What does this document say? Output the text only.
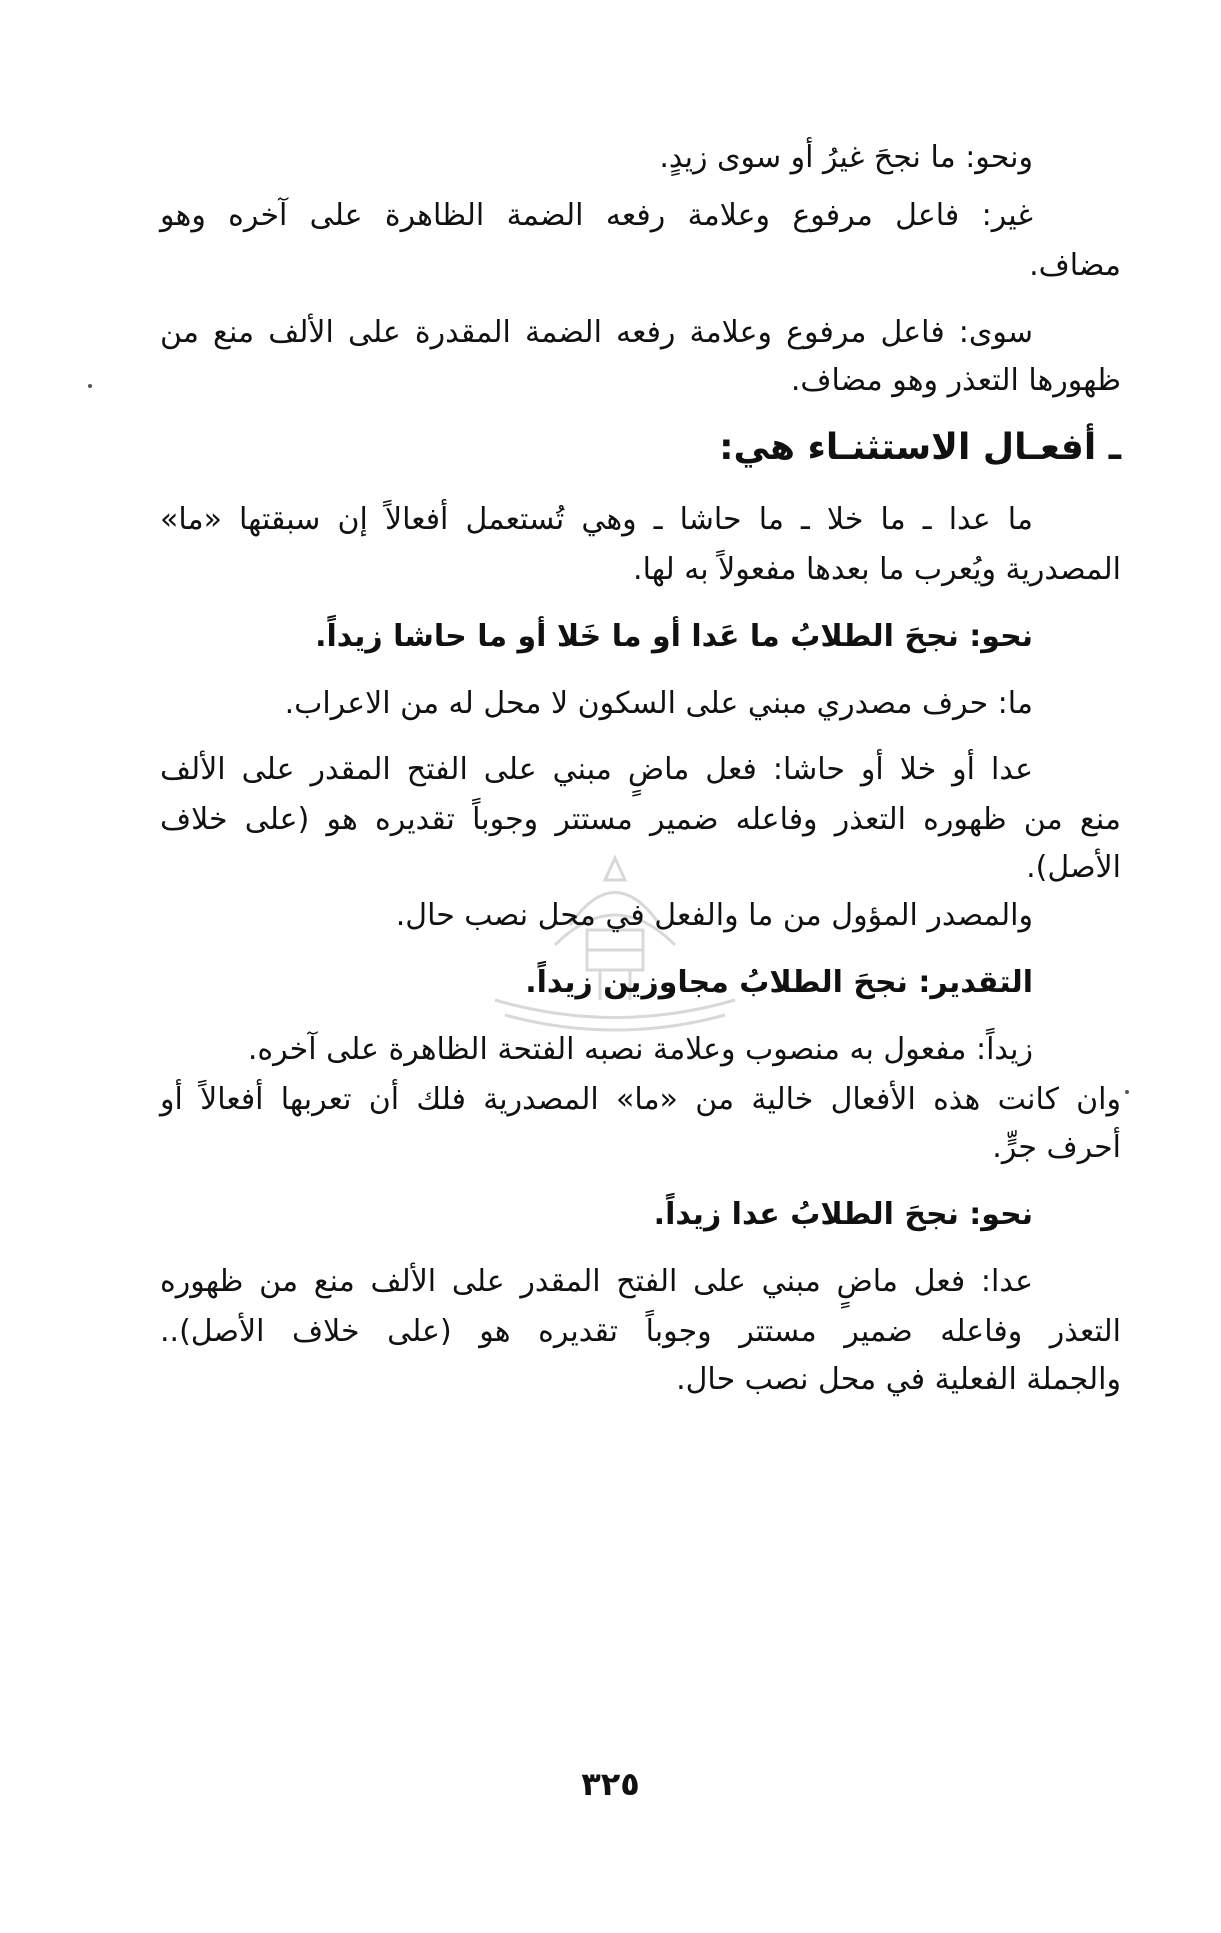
ونحو: ما نجحَ غيرُ أو سوى زيدٍ.
غير: فاعل مرفوع وعلامة رفعه الضمة الظاهرة على آخره وهو
مضاف.
سوى: فاعل مرفوع وعلامة رفعه الضمة المقدرة على الألف منع من
ظهورها التعذر وهو مضاف.
ـ أفعـال الاستثنـاء هي:
ما عدا ـ ما خلا ـ ما حاشا ـ وهي تُستعمل أفعالاً إن سبقتها «ما»
المصدرية ويُعرب ما بعدها مفعولاً به لها.
نحو: نجحَ الطلابُ ما عَدا أو ما خَلا أو ما حاشا زيداً.
ما: حرف مصدري مبني على السكون لا محل له من الاعراب.
عدا أو خلا أو حاشا: فعل ماضٍ مبني على الفتح المقدر على الألف
منع من ظهوره التعذر وفاعله ضمير مستتر وجوباً تقديره هو (على خلاف
الأصل).
والمصدر المؤول من ما والفعل في محل نصب حال.
التقدير: نجحَ الطلابُ مجاوزين زيداً.
زيداً: مفعول به منصوب وعلامة نصبه الفتحة الظاهرة على آخره.
وان كانت هذه الأفعال خالية من «ما» المصدرية فلك أن تعربها أفعالاً أو
أحرف جرٍّ.
نحو: نجحَ الطلابُ عدا زيداً.
عدا: فعل ماضٍ مبني على الفتح المقدر على الألف منع من ظهوره
التعذر وفاعله ضمير مستتر وجوباً تقديره هو (على خلاف الأصل)..
والجملة الفعلية في محل نصب حال.
٣٢٥
